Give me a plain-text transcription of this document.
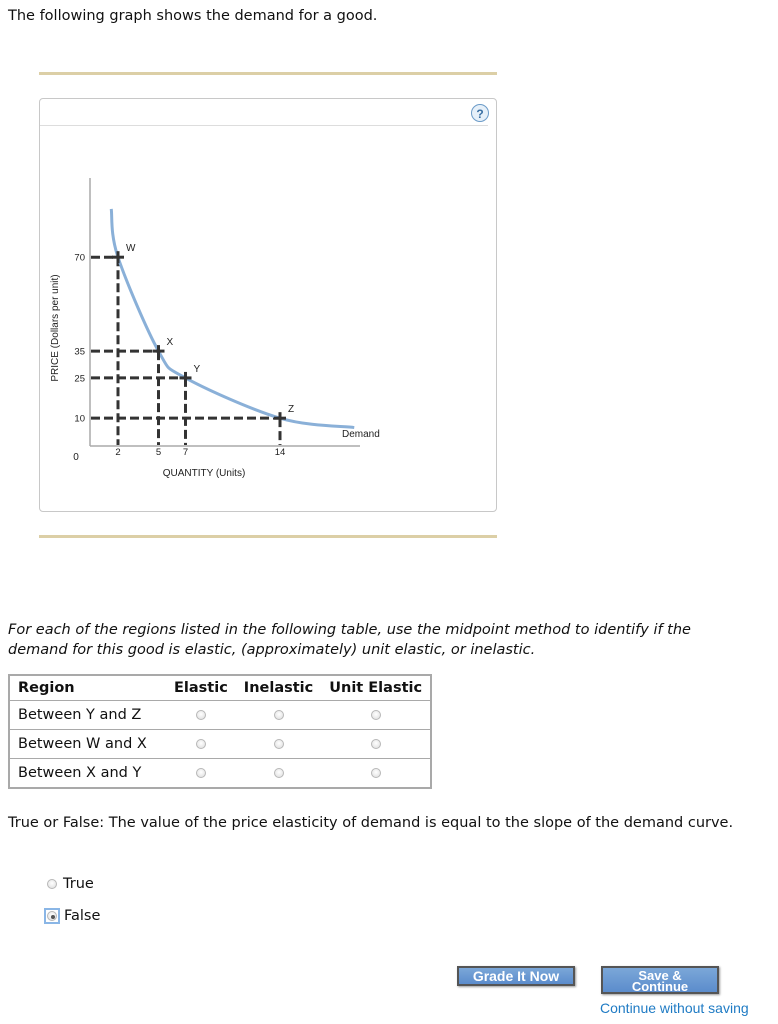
The following graph shows the demand for a good.
?
W
X
Y
Z
2	5 7	14
70
35
25
10
PRICE (Dollars per unit)
QUANTITY (Units)
0
Demand
For each of the regions listed in the following table, use the midpoint method to identify if the demand for this good is elastic, (approximately) unit elastic, or inelastic.
Region	Elastic	Inelastic	Unit Elastic
Between Y and Z			
Between W and X			
Between X and Y			
True or False: The value of the price elasticity of demand is equal to the slope of the demand curve.
True
False
Grade It Now	Save &
Continue
Continue without saving
